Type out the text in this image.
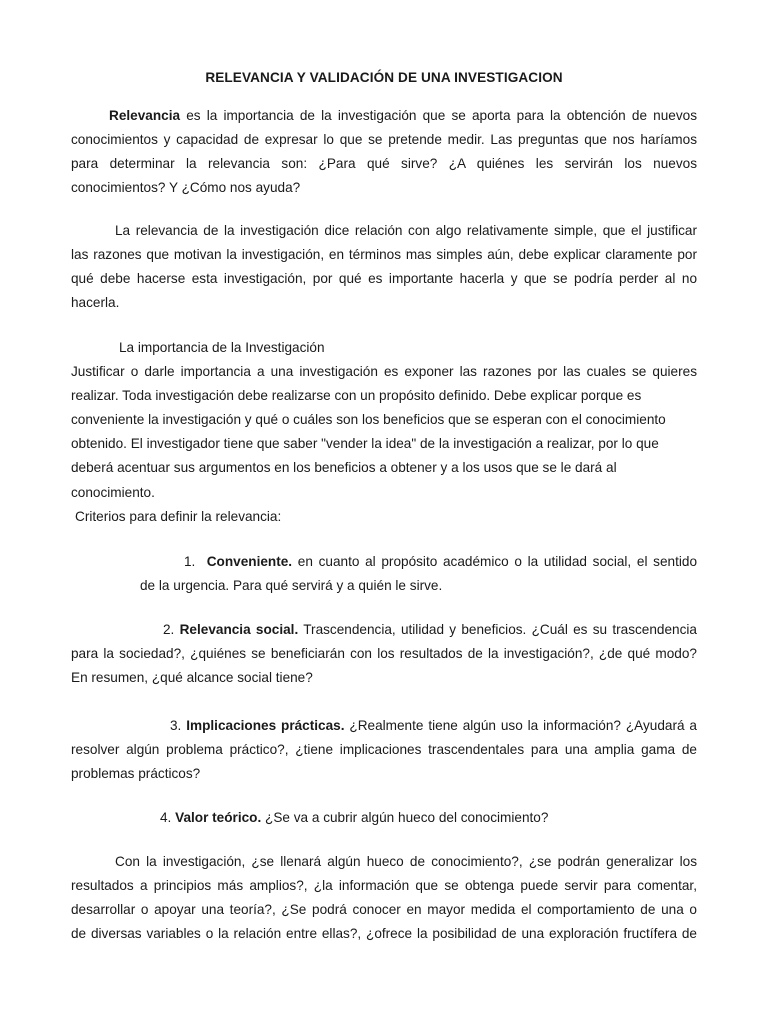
RELEVANCIA Y VALIDACIÓN DE UNA INVESTIGACION
Relevancia es la importancia de la investigación que se aporta para la obtención de nuevos
conocimientos y capacidad de expresar lo que se pretende medir. Las preguntas que nos haríamos
para determinar la relevancia son: ¿Para qué sirve? ¿A quiénes les servirán los nuevos
conocimientos? Y ¿Cómo nos ayuda?
La relevancia de la investigación dice relación con algo relativamente simple, que el justificar
las razones que motivan la investigación, en términos mas simples aún, debe explicar claramente por
qué debe hacerse esta investigación, por qué es importante hacerla y que se podría perder al no
hacerla.
La importancia de la Investigación
Justificar o darle importancia a una investigación es exponer las razones por las cuales se quieres
realizar. Toda investigación debe realizarse con un propósito definido. Debe explicar porque es
conveniente la investigación y qué o cuáles son los beneficios que se esperan con el conocimiento
obtenido. El investigador tiene que saber "vender la idea" de la investigación a realizar, por lo que
deberá acentuar sus argumentos en los beneficios a obtener y a los usos que se le dará al
conocimiento.
Criterios para definir la relevancia:
1. Conveniente. en cuanto al propósito académico o la utilidad social, el sentido
de la urgencia. Para qué servirá y a quién le sirve.
2. Relevancia social. Trascendencia, utilidad y beneficios. ¿Cuál es su trascendencia
para la sociedad?, ¿quiénes se beneficiarán con los resultados de la investigación?, ¿de qué modo?
En resumen, ¿qué alcance social tiene?
3. Implicaciones prácticas. ¿Realmente tiene algún uso la información? ¿Ayudará a
resolver algún problema práctico?, ¿tiene implicaciones trascendentales para una amplia gama de
problemas prácticos?
4. Valor teórico. ¿Se va a cubrir algún hueco del conocimiento?
Con la investigación, ¿se llenará algún hueco de conocimiento?, ¿se podrán generalizar los
resultados a principios más amplios?, ¿la información que se obtenga puede servir para comentar,
desarrollar o apoyar una teoría?, ¿Se podrá conocer en mayor medida el comportamiento de una o
de diversas variables o la relación entre ellas?, ¿ofrece la posibilidad de una exploración fructífera de
